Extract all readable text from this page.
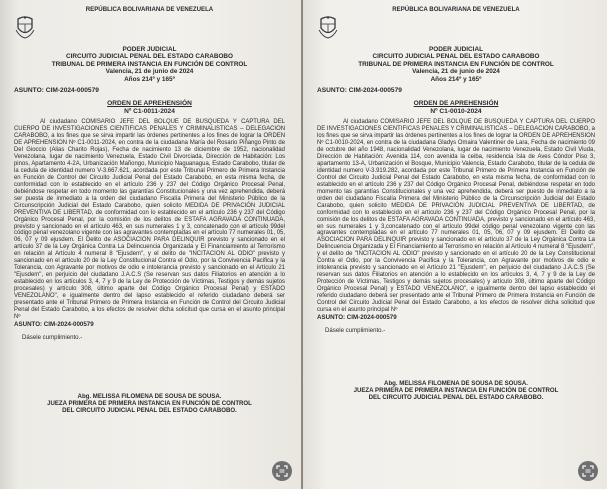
REPÚBLICA BOLIVARIANA DE VENEZUELA
PODER JUDICIAL
CIRCUITO JUDICIAL PENAL DEL ESTADO CARABOBO
TRIBUNAL DE PRIMERA INSTANCIA EN FUNCIÓN DE CONTROL
Valencia, 21 de junio de 2024
Años 214º y 165º
ASUNTO: CIM-2024-000579
ORDEN DE APREHENSIÓN
Nº C1-0011-2024

Al ciudadano COMISARIO JEFE DEL BOLQUE DE BUSQUEDA Y CAPTURA DEL CUERPO DE INVESTIGACIONES CIENTIFICAS PENALES Y CRIMINALISTICAS – DELEGACION CARABOBO, a los fines que se sirva impartir las órdenes pertinentes a los fines de lograr la ORDEN DE APREHENSION Nº C1-0011-2024, en contra de la ciudadana María del Rosario Piñango Pinto de Del Gioccio (Alias Charito Rojas), Fecha de nacimiento 13 de diciembre de 1952, nacionalidad Venezolana, lugar de nacimiento Venezuela, Estado Civil Divorciada, Dirección de Habitación: Los pinos, Apartamento 4-2A, Urbanización Mañongo, Municipio Naguanagua, Estado Carabobo, titular de la cedula de identidad numero V-3.667.621, acordada por este Tribunal Primero de Primera Instancia en Función de Control del Circuito Judicial Penal del Estado Carabobo, en esta misma fecha, de conformidad con lo establecido en el artículo 236 y 237 del Código Orgánico Procesal Penal, debiéndose respetar en todo momento las garantías Constitucionales y una vez aprehendida, deberá ser puesta de inmediato a la orden del ciudadano Fiscalía Primera del Ministerio Público de la Circunscripción Judicial del Estado Carabobo, quien solicito MEDIDA DE PRIVACIÓN JUDICIAL PREVENTIVA DE LIBERTAD, de conformidad con lo establecido en el artículo 236 y 237 del Código Orgánico Procesal Penal, por la comisión de los delitos de ESTAFA AGRAVADA CONTINUADA, previsto y sancionado en el artículo 463, en sus numerales 1 y 3, concatenado con el artículo 99del código penal venezolano vigente con las agravantes contempladas en el artículo 77 numerales 01, 05, 06, 07 y 09 ejusdem. El Delito de ASOCIACION PARA DELINQUIR previsto y sancionado en el artículo 37 de la Ley Orgánica Contra La Delincuencia Organizada y El Financiamiento al Terrorismo en relación al Artículo 4 numeral 8 "Ejusdem", y el delito de "INCITACION AL ODIO" previsto y sancionado en el artículo 20 de la Ley Constitucional Contra el Odio, por la Convivencia Pacifica y la Tolerancia, con Agravante por motivos de odio e intolerancia previsto y sancionado en el Artículo 21 "Ejusdem", en perjuicio del ciudadano J.A.C.S (Se reservan sus datos Filiatorios en atención a lo establecido en los artículos 3, 4, 7 y 9 de la Ley de Protección de Víctimas, Testigos y demás sujetos procesales) y artículo 308, último aparte del Código Orgánico Procesal Penal) y ESTADO VENEZOLANO", e igualmente dentro del lapso establecido el referido ciudadano deberá ser presentado ante el Tribunal Primero de Primera Instancia en Función de Control del Circuito Judicial Penal del Estado Carabobo, a los efectos de resolver dicha solicitud que cursa en el asunto principal Nº

ASUNTO: CIM-2024-000579
Dásele cumplimiento.-
Abg. MELISSA FILOMENA DE SOUSA DE SOUSA.
JUEZA PRIMERA DE PRIMERA INSTANCIA EN FUNCIÓN DE CONTROL
DEL CIRCUITO JUDICIAL PENAL DEL ESTADO CARABOBO.
REPÚBLICA BOLIVARIANA DE VENEZUELA
PODER JUDICIAL
CIRCUITO JUDICIAL PENAL DEL ESTADO CARABOBO
TRIBUNAL DE PRIMERA INSTANCIA EN FUNCIÓN DE CONTROL
Valencia, 21 de junio de 2024
Años 214º y 165º
ASUNTO: CIM-2024-000579
ORDEN DE APREHENSIÓN
Nº C1-0010-2024

Al ciudadano COMISARIO JEFE DEL BOLQUE DE BUSQUEDA Y CAPTURA DEL CUERPO DE INVESTIGACIONES CIENTIFICAS PENALES Y CRIMINALISTICAS – DELEGACION CARABOBO, a los fines que se sirva impartir las órdenes pertinentes a los fines de lograr la ORDEN DE APREHENSION Nº C1-0010-2024, en contra de la ciudadana Gladys Omaira Valentiner de Lara, Fecha de nacimiento 09 de octubre del año 1948, nacionalidad Venezolana, lugar de nacimiento Venezuela, Estado Civil Viuda, Dirección de Habitación: Avenida 114, con avenida la ceiba, residencia Isla de Aves Cóndor Piso 3, apartamento 13-A, Urbanización el Bosque, Municipio Valencia, Estado Carabobo, titular de la cedula de identidad numero V-3.919.282, acordada por este Tribunal Primero de Primera Instancia en Función de Control del Circuito Judicial Penal del Estado Carabobo, en esta misma fecha, de conformidad con lo establecido en el artículo 236 y 237 del Código Orgánico Procesal Penal, debiéndose respetar en todo momento las garantías Constitucionales y una vez aprehendida, deberá ser puesto de inmediato a la orden del ciudadano Fiscalía Primera del Ministerio Público de la Circunscripción Judicial del Estado Carabobo, quien solicito MEDIDA DE PRIVACIÓN JUDICIAL PREVENTIVA DE LIBERTAD, de conformidad con lo establecido en el artículo 236 y 237 del Código Orgánico Procesal Penal, por la comisión de los delitos de ESTAFA AGRAVADA CONTINUADA, previsto y sancionado en el artículo 463, en sus numerales 1 y 3,concatenado con el artículo 99del código penal venezolano vigente con las agravantes contempladas en el artículo 77 numerales 01, 05, 06, 07 y 09 ejusdem. El Delito de ASOCIACION PARA DELINQUIR previsto y sancionado en el artículo 37 de la Ley Orgánica Contra La Delincuencia Organizada y El Financiamiento al Terrorismo en relación al Artículo 4 numeral 8 "Ejusdem", y el delito de "INCITACION AL ODIO" previsto y sancionado en el artículo 20 de la Ley Constitucional Contra el Odio, por la Convivencia Pacifica y la Tolerancia, con Agravante por motivos de odio e intolerancia previsto y sancionado en el Artículo 21 "Ejusdem", en perjuicio del ciudadano J.A.C.S (Se reservan sus datos Filiatorios en atención a lo establecido en los artículos 3, 4, 7 y 9 de la Ley de Protección de Víctimas, Testigos y demás sujetos procesales) y artículo 308, último aparte del Código Orgánico Procesal Penal) y ESTADO VENEZOLANO", e igualmente dentro del lapso establecido el referido ciudadano deberá ser presentado ante el Tribunal Primero de Primera Instancia en Función de Control del Circuito Judicial Penal del Estado Carabobo, a los efectos de resolver dicha solicitud que cursa en el asunto principal Nº

ASUNTO: CIM-2024-000579
Dásele cumplimiento.-
Abg. MELISSA FILOMENA DE SOUSA DE SOUSA.
JUEZA PRIMERA DE PRIMERA INSTANCIA EN FUNCIÓN DE CONTROL
DEL CIRCUITO JUDICIAL PENAL DEL ESTADO CARABOBO.
